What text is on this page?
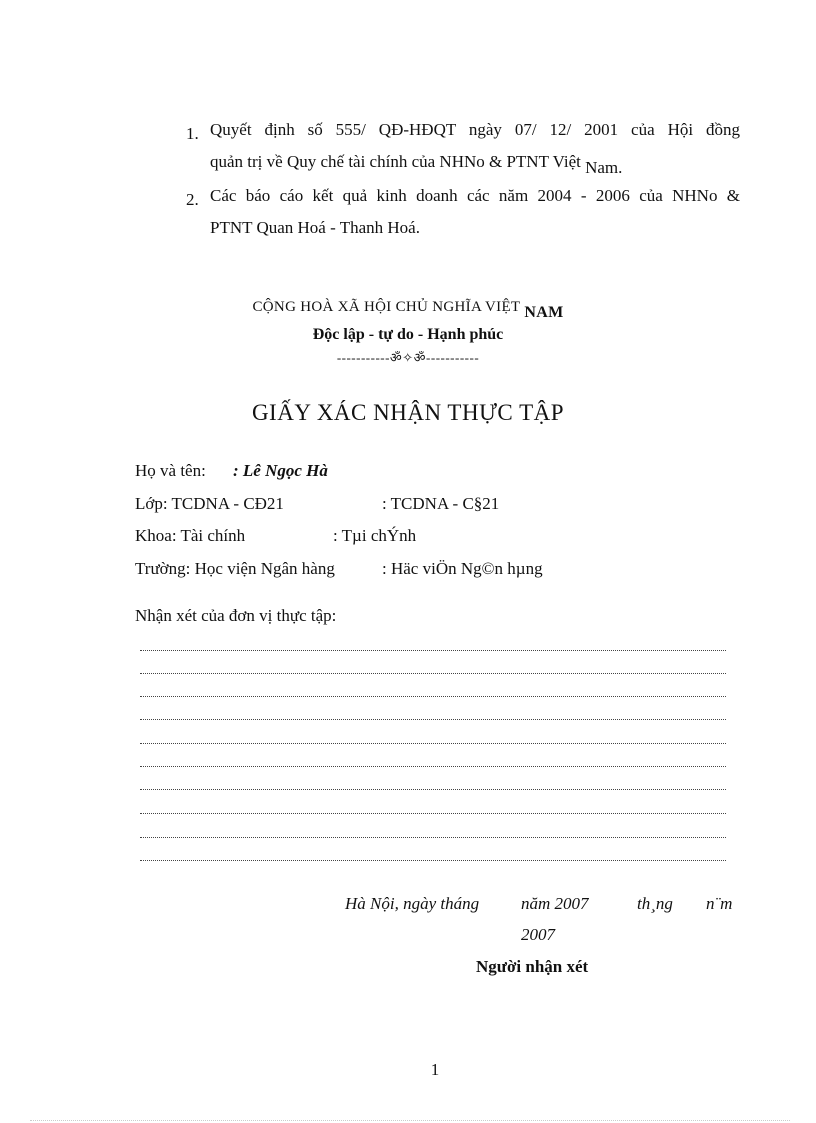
1. Quyết định số 555/ QĐ-HĐQT ngày 07/ 12/ 2001 của Hội đồng
quản trị về Quy chế tài chính của NHNo & PTNT Việt Nam.
2. Các báo cáo kết quả kinh doanh các năm 2004 - 2006 của NHNo &
PTNT Quan Hoá - Thanh Hoá.
CỘNG HOÀ XÃ HỘI CHỦ NGHĨA VIỆT NAM
Độc lập - tự do - Hạnh phúc
-----------ॐ✧ॐ-----------
GIẤY XÁC NHẬN THỰC TẬP
Họ và tên: : Lê Ngọc Hà
Lớp: TCDNA - CĐ21	: TCDNA - C§21
Khoa: Tài chính	: Tµi chÝnh
Trường: Học viện Ngân hàng	: Häc viÖn Ng©n hµng
Nhận xét của đơn vị thực tập:
Hà Nội, ngày tháng năm 2007	th¸ng n¨m
2007
Người nhận xét
1
